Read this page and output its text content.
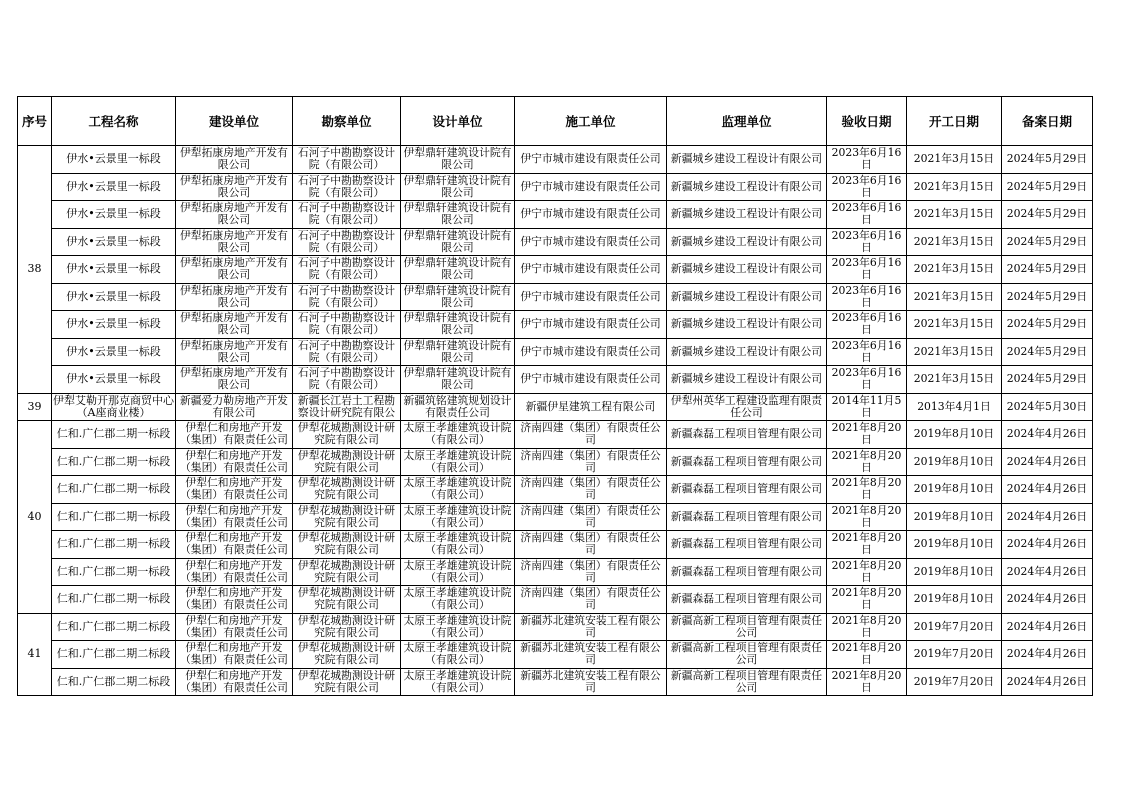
序号	工程名称	建设单位	勘察单位	设计单位	施工单位	监理单位	验收日期	开工日期	备案日期
38	伊水•云景里一标段	伊犁拓康房地产开发有限公司	石河子中勘勘察设计院（有限公司）	伊犁鼎轩建筑设计院有限公司	伊宁市城市建设有限责任公司	新疆城乡建设工程设计有限公司	2023年6月16日	2021年3月15日	2024年5月29日
	伊水•云景里一标段	伊犁拓康房地产开发有限公司	石河子中勘勘察设计院（有限公司）	伊犁鼎轩建筑设计院有限公司	伊宁市城市建设有限责任公司	新疆城乡建设工程设计有限公司	2023年6月16日	2021年3月15日	2024年5月29日
	伊水•云景里一标段	伊犁拓康房地产开发有限公司	石河子中勘勘察设计院（有限公司）	伊犁鼎轩建筑设计院有限公司	伊宁市城市建设有限责任公司	新疆城乡建设工程设计有限公司	2023年6月16日	2021年3月15日	2024年5月29日
	伊水•云景里一标段	伊犁拓康房地产开发有限公司	石河子中勘勘察设计院（有限公司）	伊犁鼎轩建筑设计院有限公司	伊宁市城市建设有限责任公司	新疆城乡建设工程设计有限公司	2023年6月16日	2021年3月15日	2024年5月29日
	伊水•云景里一标段	伊犁拓康房地产开发有限公司	石河子中勘勘察设计院（有限公司）	伊犁鼎轩建筑设计院有限公司	伊宁市城市建设有限责任公司	新疆城乡建设工程设计有限公司	2023年6月16日	2021年3月15日	2024年5月29日
	伊水•云景里一标段	伊犁拓康房地产开发有限公司	石河子中勘勘察设计院（有限公司）	伊犁鼎轩建筑设计院有限公司	伊宁市城市建设有限责任公司	新疆城乡建设工程设计有限公司	2023年6月16日	2021年3月15日	2024年5月29日
	伊水•云景里一标段	伊犁拓康房地产开发有限公司	石河子中勘勘察设计院（有限公司）	伊犁鼎轩建筑设计院有限公司	伊宁市城市建设有限责任公司	新疆城乡建设工程设计有限公司	2023年6月16日	2021年3月15日	2024年5月29日
	伊水•云景里一标段	伊犁拓康房地产开发有限公司	石河子中勘勘察设计院（有限公司）	伊犁鼎轩建筑设计院有限公司	伊宁市城市建设有限责任公司	新疆城乡建设工程设计有限公司	2023年6月16日	2021年3月15日	2024年5月29日
	伊水•云景里一标段	伊犁拓康房地产开发有限公司	石河子中勘勘察设计院（有限公司）	伊犁鼎轩建筑设计院有限公司	伊宁市城市建设有限责任公司	新疆城乡建设工程设计有限公司	2023年6月16日	2021年3月15日	2024年5月29日
39	伊犁艾勒开那克商贸中心（A座商业楼）	新疆爱力勒房地产开发有限公司	新疆长江岩土工程勘察设计研究院有限公	新疆筑铭建筑规划设计有限责任公司	新疆伊星建筑工程有限公司	伊犁州英华工程建设监理有限责任公司	2014年11月5日	2013年4月1日	2024年5月30日
40	仁和.广仁郡二期一标段	伊犁仁和房地产开发（集团）有限责任公司	伊犁花城勘测设计研究院有限公司	太原王孝雄建筑设计院（有限公司）	济南四建（集团）有限责任公司	新疆森磊工程项目管理有限公司	2021年8月20日	2019年8月10日	2024年4月26日
	仁和.广仁郡二期一标段	伊犁仁和房地产开发（集团）有限责任公司	伊犁花城勘测设计研究院有限公司	太原王孝雄建筑设计院（有限公司）	济南四建（集团）有限责任公司	新疆森磊工程项目管理有限公司	2021年8月20日	2019年8月10日	2024年4月26日
	仁和.广仁郡二期一标段	伊犁仁和房地产开发（集团）有限责任公司	伊犁花城勘测设计研究院有限公司	太原王孝雄建筑设计院（有限公司）	济南四建（集团）有限责任公司	新疆森磊工程项目管理有限公司	2021年8月20日	2019年8月10日	2024年4月26日
	仁和.广仁郡二期一标段	伊犁仁和房地产开发（集团）有限责任公司	伊犁花城勘测设计研究院有限公司	太原王孝雄建筑设计院（有限公司）	济南四建（集团）有限责任公司	新疆森磊工程项目管理有限公司	2021年8月20日	2019年8月10日	2024年4月26日
	仁和.广仁郡二期一标段	伊犁仁和房地产开发（集团）有限责任公司	伊犁花城勘测设计研究院有限公司	太原王孝雄建筑设计院（有限公司）	济南四建（集团）有限责任公司	新疆森磊工程项目管理有限公司	2021年8月20日	2019年8月10日	2024年4月26日
	仁和.广仁郡二期一标段	伊犁仁和房地产开发（集团）有限责任公司	伊犁花城勘测设计研究院有限公司	太原王孝雄建筑设计院（有限公司）	济南四建（集团）有限责任公司	新疆森磊工程项目管理有限公司	2021年8月20日	2019年8月10日	2024年4月26日
	仁和.广仁郡二期一标段	伊犁仁和房地产开发（集团）有限责任公司	伊犁花城勘测设计研究院有限公司	太原王孝雄建筑设计院（有限公司）	济南四建（集团）有限责任公司	新疆森磊工程项目管理有限公司	2021年8月20日	2019年8月10日	2024年4月26日
41	仁和.广仁郡二期二标段	伊犁仁和房地产开发（集团）有限责任公司	伊犁花城勘测设计研究院有限公司	太原王孝雄建筑设计院（有限公司）	新疆苏北建筑安装工程有限公司	新疆高新工程项目管理有限责任公司	2021年8月20日	2019年7月20日	2024年4月26日
	仁和.广仁郡二期二标段	伊犁仁和房地产开发（集团）有限责任公司	伊犁花城勘测设计研究院有限公司	太原王孝雄建筑设计院（有限公司）	新疆苏北建筑安装工程有限公司	新疆高新工程项目管理有限责任公司	2021年8月20日	2019年7月20日	2024年4月26日
	仁和.广仁郡二期二标段	伊犁仁和房地产开发（集团）有限责任公司	伊犁花城勘测设计研究院有限公司	太原王孝雄建筑设计院（有限公司）	新疆苏北建筑安装工程有限公司	新疆高新工程项目管理有限责任公司	2021年8月20日	2019年7月20日	2024年4月26日
